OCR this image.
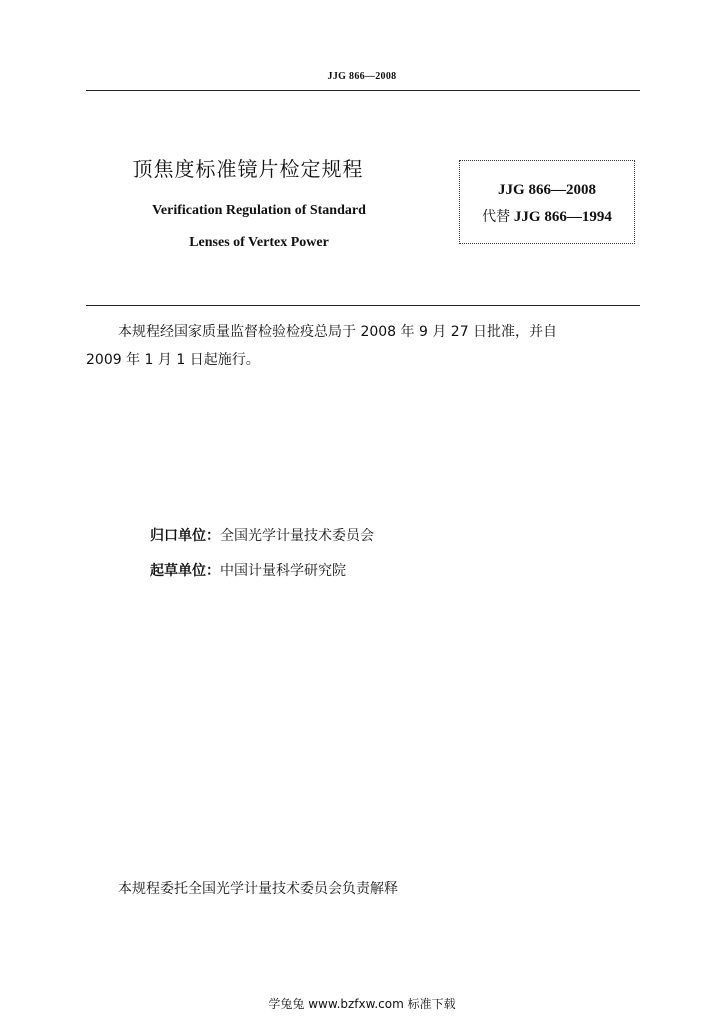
JJG 866—2008
顶焦度标准镜片检定规程
Verification Regulation of Standard
Lenses of Vertex Power
JJG 866—2008
代替 JJG 866—1994
本规程经国家质量监督检验检疫总局于 2008 年 9 月 27 日批准，并自
2009 年 1 月 1 日起施行。
归口单位：全国光学计量技术委员会
起草单位：中国计量科学研究院
本规程委托全国光学计量技术委员会负责解释
学兔兔 www.bzfxw.com 标准下载
